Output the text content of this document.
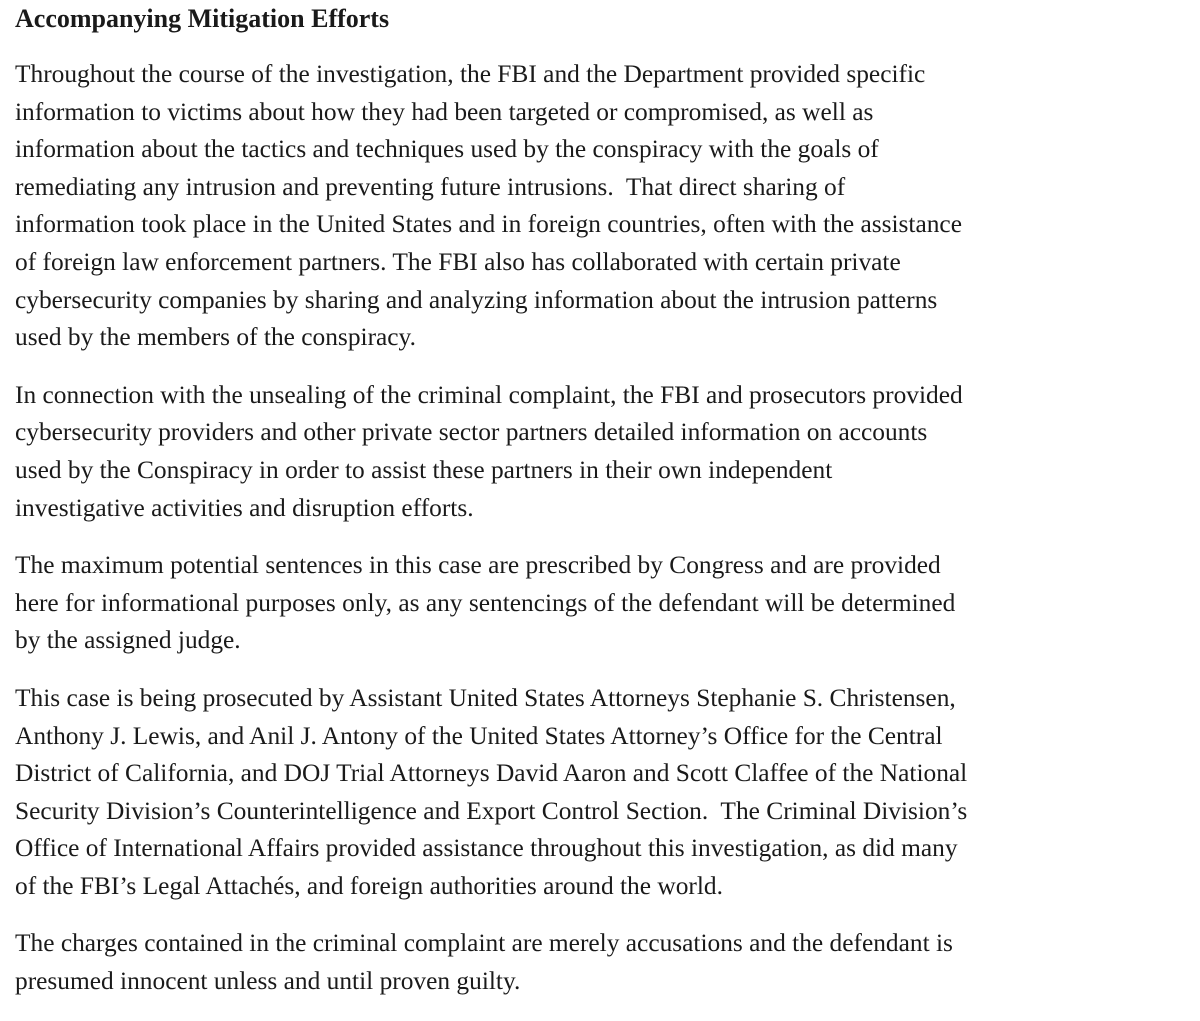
Accompanying Mitigation Efforts
Throughout the course of the investigation, the FBI and the Department provided specific
information to victims about how they had been targeted or compromised, as well as
information about the tactics and techniques used by the conspiracy with the goals of
remediating any intrusion and preventing future intrusions.  That direct sharing of
information took place in the United States and in foreign countries, often with the assistance
of foreign law enforcement partners. The FBI also has collaborated with certain private
cybersecurity companies by sharing and analyzing information about the intrusion patterns
used by the members of the conspiracy.
In connection with the unsealing of the criminal complaint, the FBI and prosecutors provided
cybersecurity providers and other private sector partners detailed information on accounts
used by the Conspiracy in order to assist these partners in their own independent
investigative activities and disruption efforts.
The maximum potential sentences in this case are prescribed by Congress and are provided
here for informational purposes only, as any sentencings of the defendant will be determined
by the assigned judge.
This case is being prosecuted by Assistant United States Attorneys Stephanie S. Christensen,
Anthony J. Lewis, and Anil J. Antony of the United States Attorney’s Office for the Central
District of California, and DOJ Trial Attorneys David Aaron and Scott Claffee of the National
Security Division’s Counterintelligence and Export Control Section.  The Criminal Division’s
Office of International Affairs provided assistance throughout this investigation, as did many
of the FBI’s Legal Attachés, and foreign authorities around the world.
The charges contained in the criminal complaint are merely accusations and the defendant is
presumed innocent unless and until proven guilty.
